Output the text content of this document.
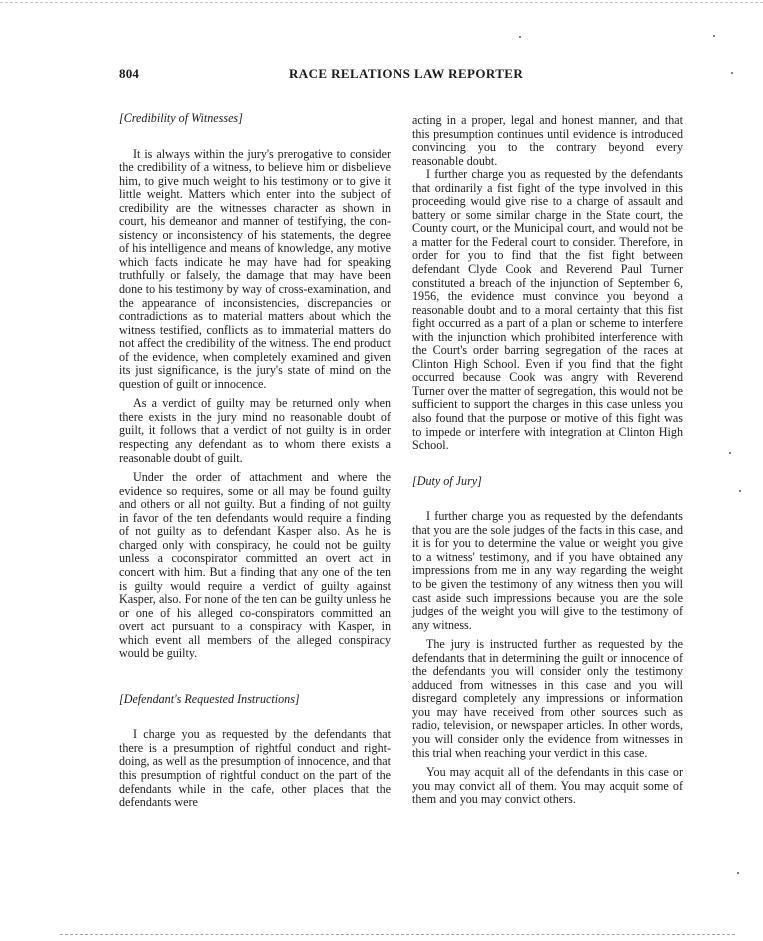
804	RACE RELATIONS LAW REPORTER

[Credibility of Witnesses]

It is always within the jury's prerogative to consider the credibility of a witness, to believe him or disbelieve him, to give much weight to his testimony or to give it little weight. Matters which enter into the subject of credibility are the witnesses character as shown in court, his demeanor and manner of testifying, the consistency or inconsistency of his statements, the degree of his intelligence and means of knowledge, any motive which facts indicate he may have had for speaking truthfully or falsely, the damage that may have been done to his testimony by way of cross-examination, and the appearance of inconsistencies, discrepancies or contradictions as to material matters about which the witness testified, conflicts as to immaterial matters do not affect the credibility of the witness. The end product of the evidence, when completely examined and given its just significance, is the jury's state of mind on the question of guilt or innocence.

As a verdict of guilty may be returned only when there exists in the jury mind no reasonable doubt of guilt, it follows that a verdict of not guilty is in order respecting any defendant as to whom there exists a reasonable doubt of guilt.

Under the order of attachment and where the evidence so requires, some or all may be found guilty and others or all not guilty. But a finding of not guilty in favor of the ten defendants would require a finding of not guilty as to defendant Kasper also. As he is charged only with conspiracy, he could not be guilty unless a coconspirator committed an overt act in concert with him. But a finding that any one of the ten is guilty would require a verdict of guilty against Kasper, also. For none of the ten can be guilty unless he or one of his alleged co-conspirators committed an overt act pursuant to a conspiracy with Kasper, in which event all members of the alleged conspiracy would be guilty.

[Defendant's Requested Instructions]

I charge you as requested by the defendants that there is a presumption of rightful conduct and right-doing, as well as the presumption of innocence, and that this presumption of rightful conduct on the part of the defendants while in the cafe, other places that the defendants were

acting in a proper, legal and honest manner, and that this presumption continues until evidence is introduced convincing you to the contrary beyond every reasonable doubt.

I further charge you as requested by the defendants that ordinarily a fist fight of the type involved in this proceeding would give rise to a charge of assault and battery or some similar charge in the State court, the County court, or the Municipal court, and would not be a matter for the Federal court to consider. Therefore, in order for you to find that the fist fight between defendant Clyde Cook and Reverend Paul Turner constituted a breach of the injunction of September 6, 1956, the evidence must convince you beyond a reasonable doubt and to a moral certainty that this fist fight occurred as a part of a plan or scheme to interfere with the injunction which prohibited interference with the Court's order barring segregation of the races at Clinton High School. Even if you find that the fight occurred because Cook was angry with Reverend Turner over the matter of segregation, this would not be sufficient to support the charges in this case unless you also found that the purpose or motive of this fight was to impede or interfere with integration at Clinton High School.

[Duty of Jury]

I further charge you as requested by the defendants that you are the sole judges of the facts in this case, and it is for you to determine the value or weight you give to a witness' testimony, and if you have obtained any impressions from me in any way regarding the weight to be given the testimony of any witness then you will cast aside such impressions because you are the sole judges of the weight you will give to the testimony of any witness.

The jury is instructed further as requested by the defendants that in determining the guilt or innocence of the defendants you will consider only the testimony adduced from witnesses in this case and you will disregard completely any impressions or information you may have received from other sources such as radio, television, or newspaper articles. In other words, you will consider only the evidence from witnesses in this trial when reaching your verdict in this case.

You may acquit all of the defendants in this case or you may convict all of them. You may acquit some of them and you may convict others.
